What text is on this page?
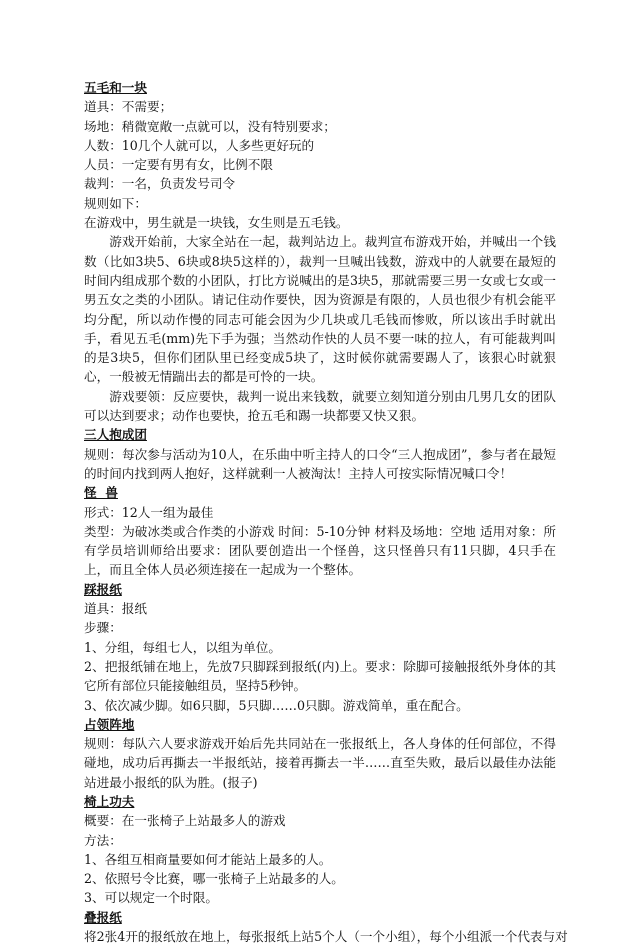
五毛和一块
道具：不需要；
场地：稍微宽敞一点就可以，没有特别要求；
人数：10几个人就可以，人多些更好玩的
人员：一定要有男有女，比例不限
裁判：一名，负责发号司令
规则如下：
在游戏中，男生就是一块钱，女生则是五毛钱。
游戏开始前，大家全站在一起，裁判站边上。裁判宣布游戏开始，并喊出一个钱数（比如3块5、6块或8块5这样的），裁判一旦喊出钱数，游戏中的人就要在最短的时间内组成那个数的小团队，打比方说喊出的是3块5，那就需要三男一女或七女或一男五女之类的小团队。请记住动作要快，因为资源是有限的，人员也很少有机会能平均分配，所以动作慢的同志可能会因为少几块或几毛钱而惨败，所以该出手时就出手，看见五毛(mm)先下手为强；当然动作快的人员不要一味的拉人，有可能裁判叫的是3块5，但你们团队里已经变成5块了，这时候你就需要踢人了，该狠心时就狠心，一般被无情踹出去的都是可怜的一块。
游戏要领：反应要快，裁判一说出来钱数，就要立刻知道分别由几男几女的团队可以达到要求；动作也要快，抢五毛和踢一块都要又快又狠。
三人抱成团
规则：每次参与活动为10人，在乐曲中听主持人的口令“三人抱成团”，参与者在最短的时间内找到两人抱好，这样就剩一人被淘汰！主持人可按实际情况喊口令！
怪  兽
形式：12人一组为最佳
类型：为破冰类或合作类的小游戏 时间：5-10分钟 材料及场地：空地 适用对象：所有学员培训师给出要求：团队要创造出一个怪兽，这只怪兽只有11只脚，4只手在上，而且全体人员必须连接在一起成为一个整体。
踩报纸
道具：报纸
步骤：
1、分组，每组七人，以组为单位。
2、把报纸铺在地上，先放7只脚踩到报纸(内)上。要求：除脚可接触报纸外身体的其它所有部位只能接触组员，坚持5秒钟。
3、依次减少脚。如6只脚，5只脚……0只脚。游戏简单，重在配合。
占领阵地
规则：每队六人要求游戏开始后先共同站在一张报纸上，各人身体的任何部位，不得碰地，成功后再撕去一半报纸站，接着再撕去一半……直至失败，最后以最佳办法能站进最小报纸的队为胜。(报子)
椅上功夫
概要：在一张椅子上站最多人的游戏
方法：
1、各组互相商量要如何才能站上最多的人。
2、依照号令比赛，哪一张椅子上站最多的人。
3、可以规定一个时限。
叠报纸
将2张4开的报纸放在地上，每张报纸上站5个人（一个小组），每个小组派一个代表与对
